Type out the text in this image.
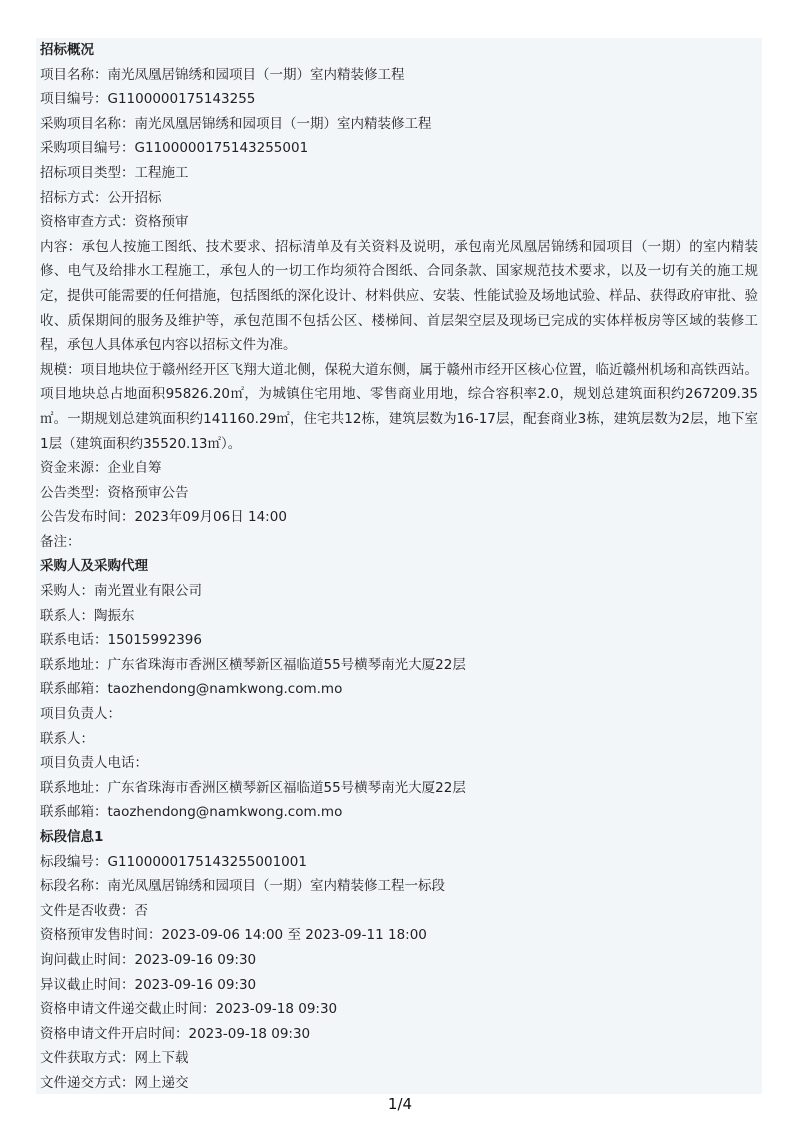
招标概况
项目名称：南光凤凰居锦绣和园项目（一期）室内精装修工程
项目编号：G1100000175143255
采购项目名称：南光凤凰居锦绣和园项目（一期）室内精装修工程
采购项目编号：G1100000175143255001
招标项目类型：工程施工
招标方式：公开招标
资格审查方式：资格预审
内容：承包人按施工图纸、技术要求、招标清单及有关资料及说明，承包南光凤凰居锦绣和园项目（一期）的室内精装修、电气及给排水工程施工，承包人的一切工作均须符合图纸、合同条款、国家规范技术要求，以及一切有关的施工规定，提供可能需要的任何措施，包括图纸的深化设计、材料供应、安装、性能试验及场地试验、样品、获得政府审批、验收、质保期间的服务及维护等，承包范围不包括公区、楼梯间、首层架空层及现场已完成的实体样板房等区域的装修工程，承包人具体承包内容以招标文件为准。
规模：项目地块位于赣州经开区飞翔大道北侧，保税大道东侧，属于赣州市经开区核心位置，临近赣州机场和高铁西站。项目地块总占地面积95826.20㎡，为城镇住宅用地、零售商业用地，综合容积率2.0，规划总建筑面积约267209.35㎡。一期规划总建筑面积约141160.29㎡，住宅共12栋，建筑层数为16-17层，配套商业3栋，建筑层数为2层，地下室1层（建筑面积约35520.13㎡）。
资金来源：企业自筹
公告类型：资格预审公告
公告发布时间：2023年09月06日 14:00
备注：
采购人及采购代理
采购人：南光置业有限公司
联系人：陶振东
联系电话：15015992396
联系地址：广东省珠海市香洲区横琴新区福临道55号横琴南光大厦22层
联系邮箱：taozhendong@namkwong.com.mo
项目负责人：
联系人：
项目负责人电话：
联系地址：广东省珠海市香洲区横琴新区福临道55号横琴南光大厦22层
联系邮箱：taozhendong@namkwong.com.mo
标段信息1
标段编号：G1100000175143255001001
标段名称：南光凤凰居锦绣和园项目（一期）室内精装修工程一标段
文件是否收费：否
资格预审发售时间：2023-09-06 14:00 至 2023-09-11 18:00
询问截止时间：2023-09-16 09:30
异议截止时间：2023-09-16 09:30
资格申请文件递交截止时间：2023-09-18 09:30
资格申请文件开启时间：2023-09-18 09:30
文件获取方式：网上下载
文件递交方式：网上递交
1/4
